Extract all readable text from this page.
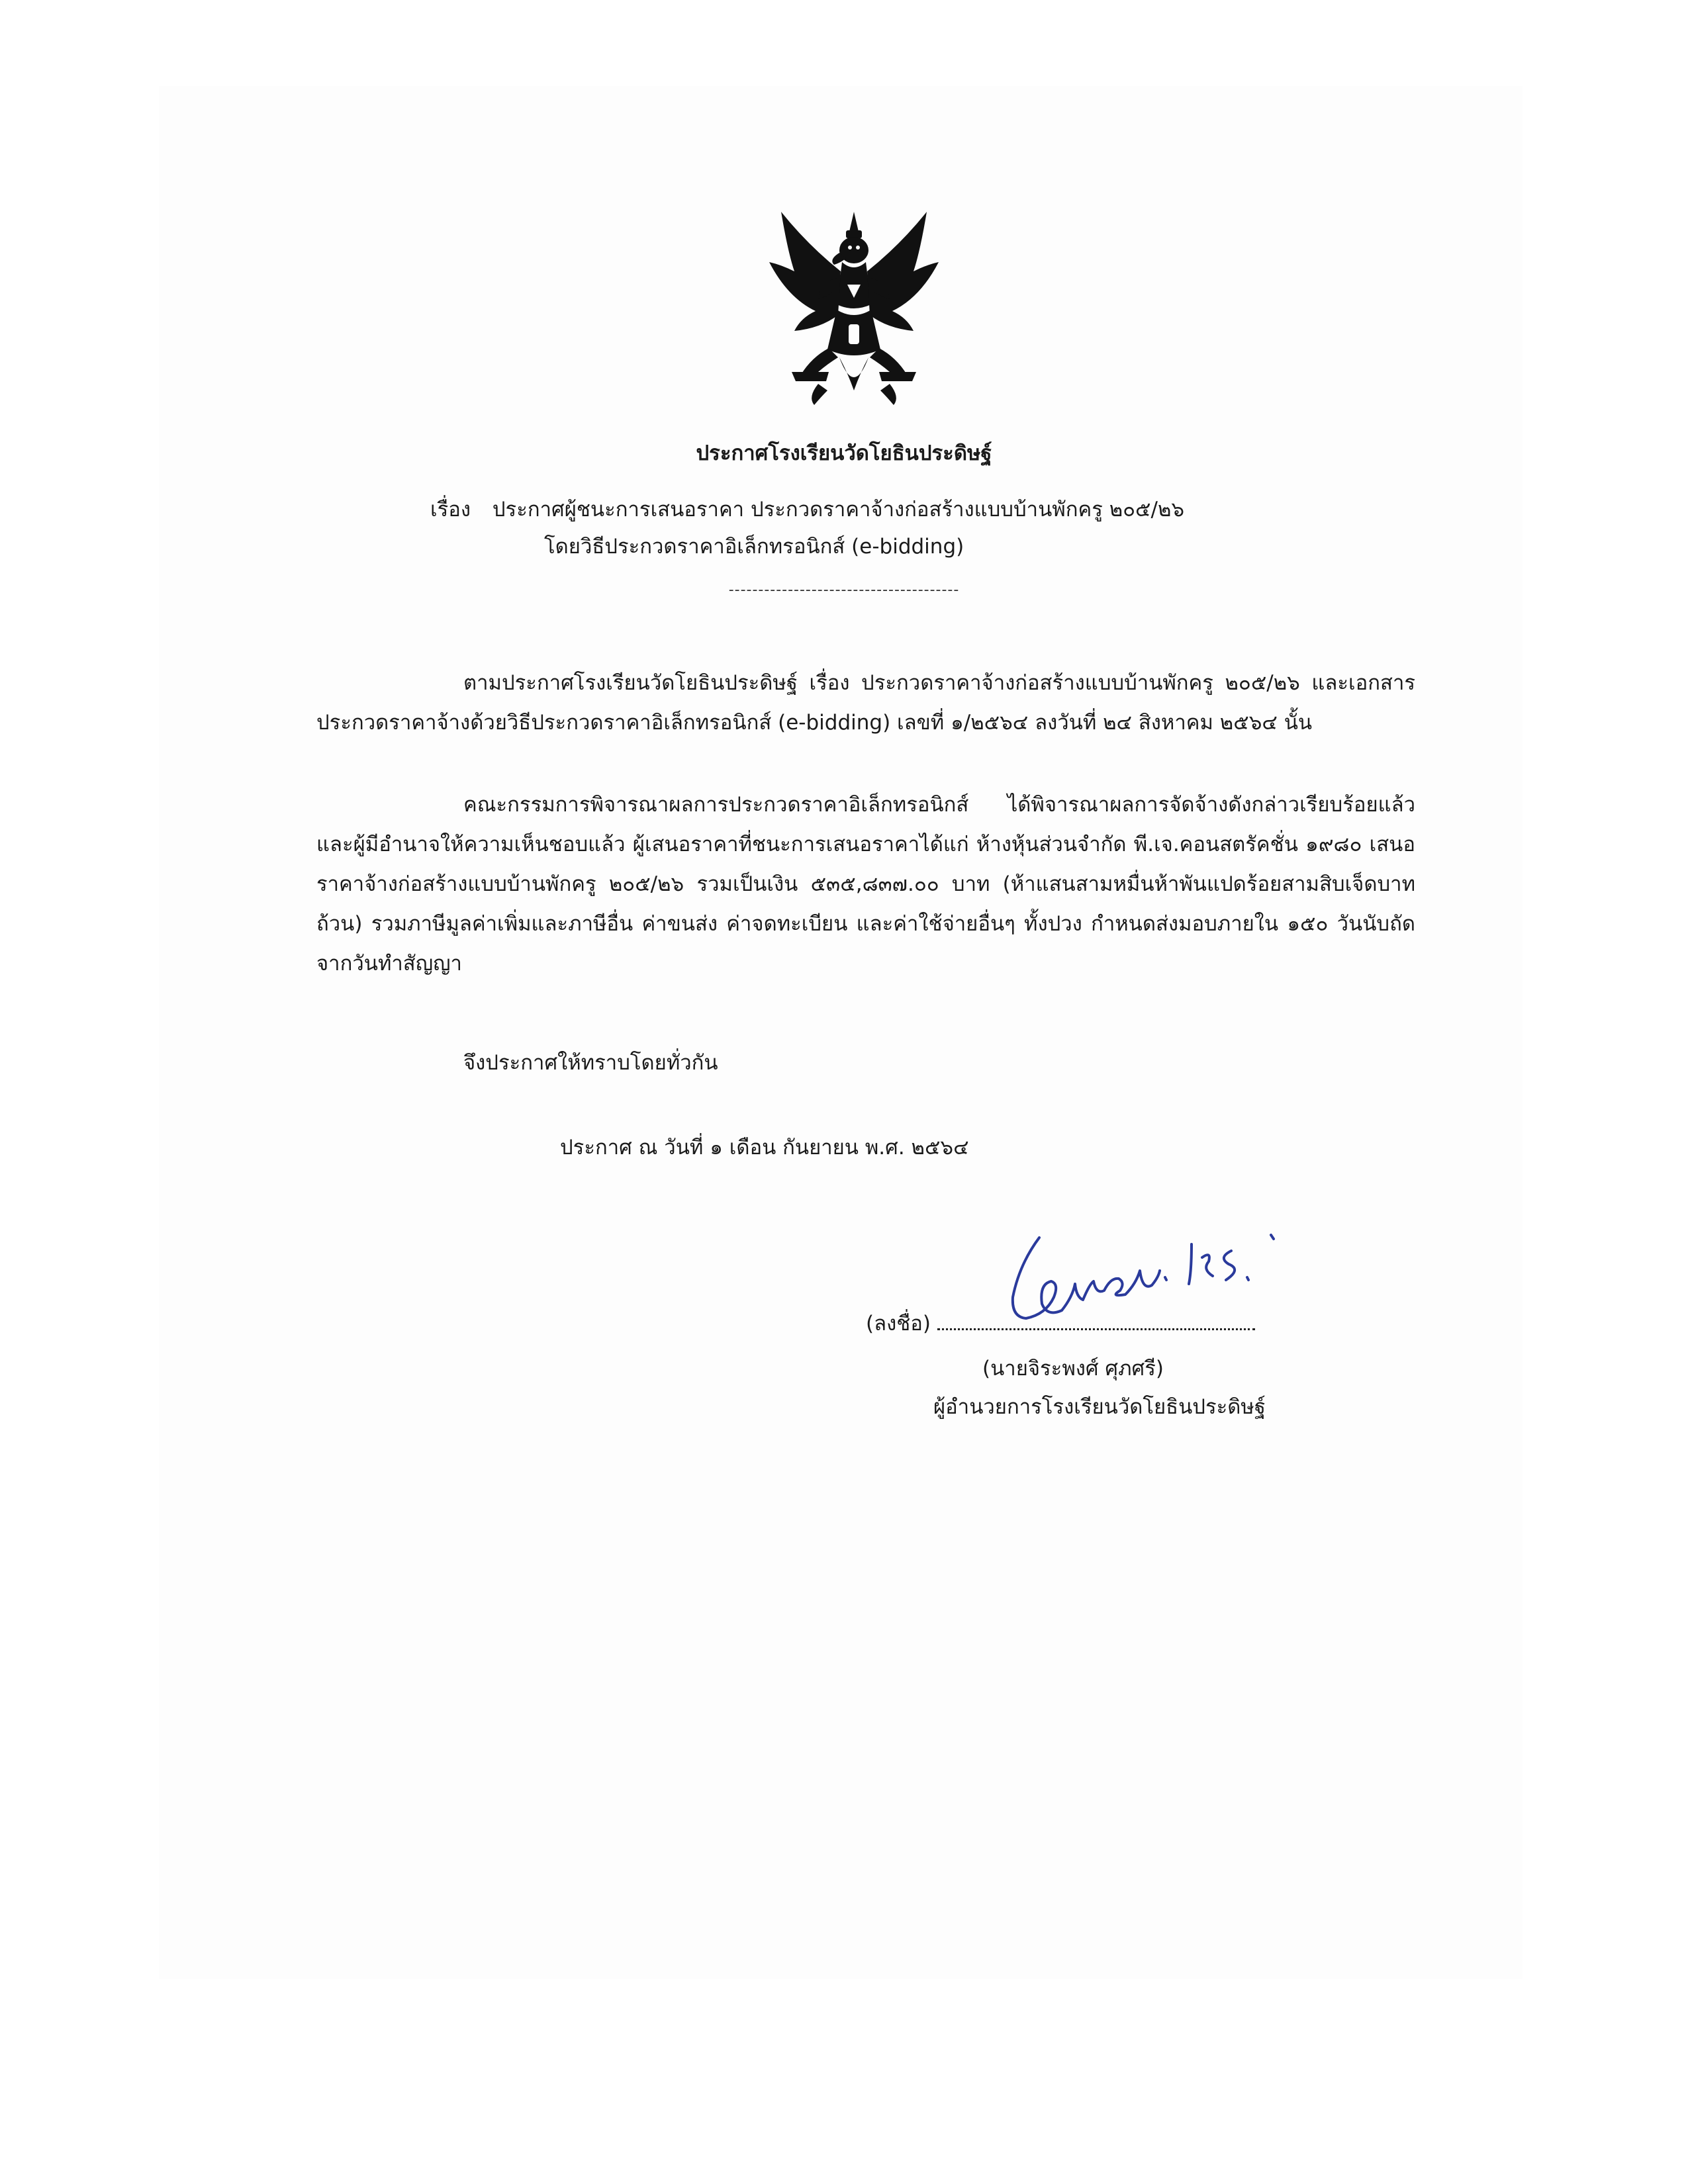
ประกาศโรงเรียนวัดโยธินประดิษฐ์
เรื่อง ประกาศผู้ชนะการเสนอราคา ประกวดราคาจ้างก่อสร้างแบบบ้านพักครู ๒๐๕/๒๖
โดยวิธีประกวดราคาอิเล็กทรอนิกส์ (e-bidding)
---------------------------------------

ตามประกาศโรงเรียนวัดโยธินประดิษฐ์ เรื่อง ประกวดราคาจ้างก่อสร้างแบบบ้านพักครู ๒๐๕/๒๖ และเอกสารประกวดราคาจ้างด้วยวิธีประกวดราคาอิเล็กทรอนิกส์ (e-bidding) เลขที่ ๑/๒๕๖๔ ลงวันที่ ๒๔ สิงหาคม ๒๕๖๔ นั้น

คณะกรรมการพิจารณาผลการประกวดราคาอิเล็กทรอนิกส์ ได้พิจารณาผลการจัดจ้างดังกล่าวเรียบร้อยแล้ว และผู้มีอำนาจให้ความเห็นชอบแล้ว ผู้เสนอราคาที่ชนะการเสนอราคาได้แก่ ห้างหุ้นส่วนจำกัด พี.เจ.คอนสตรัคชั่น ๑๙๘๐ เสนอราคาจ้างก่อสร้างแบบบ้านพักครู ๒๐๕/๒๖ รวมเป็นเงิน ๕๓๕,๘๓๗.๐๐ บาท (ห้าแสนสามหมื่นห้าพันแปดร้อยสามสิบเจ็ดบาทถ้วน) รวมภาษีมูลค่าเพิ่มและภาษีอื่น ค่าขนส่ง ค่าจดทะเบียน และค่าใช้จ่ายอื่นๆ ทั้งปวง กำหนดส่งมอบภายใน ๑๕๐ วันนับถัดจากวันทำสัญญา

จึงประกาศให้ทราบโดยทั่วกัน
ประกาศ ณ วันที่ ๑ เดือน กันยายน พ.ศ. ๒๕๖๔
(ลงชื่อ)
(นายจิระพงศ์ ศุภศรี)
ผู้อำนวยการโรงเรียนวัดโยธินประดิษฐ์
